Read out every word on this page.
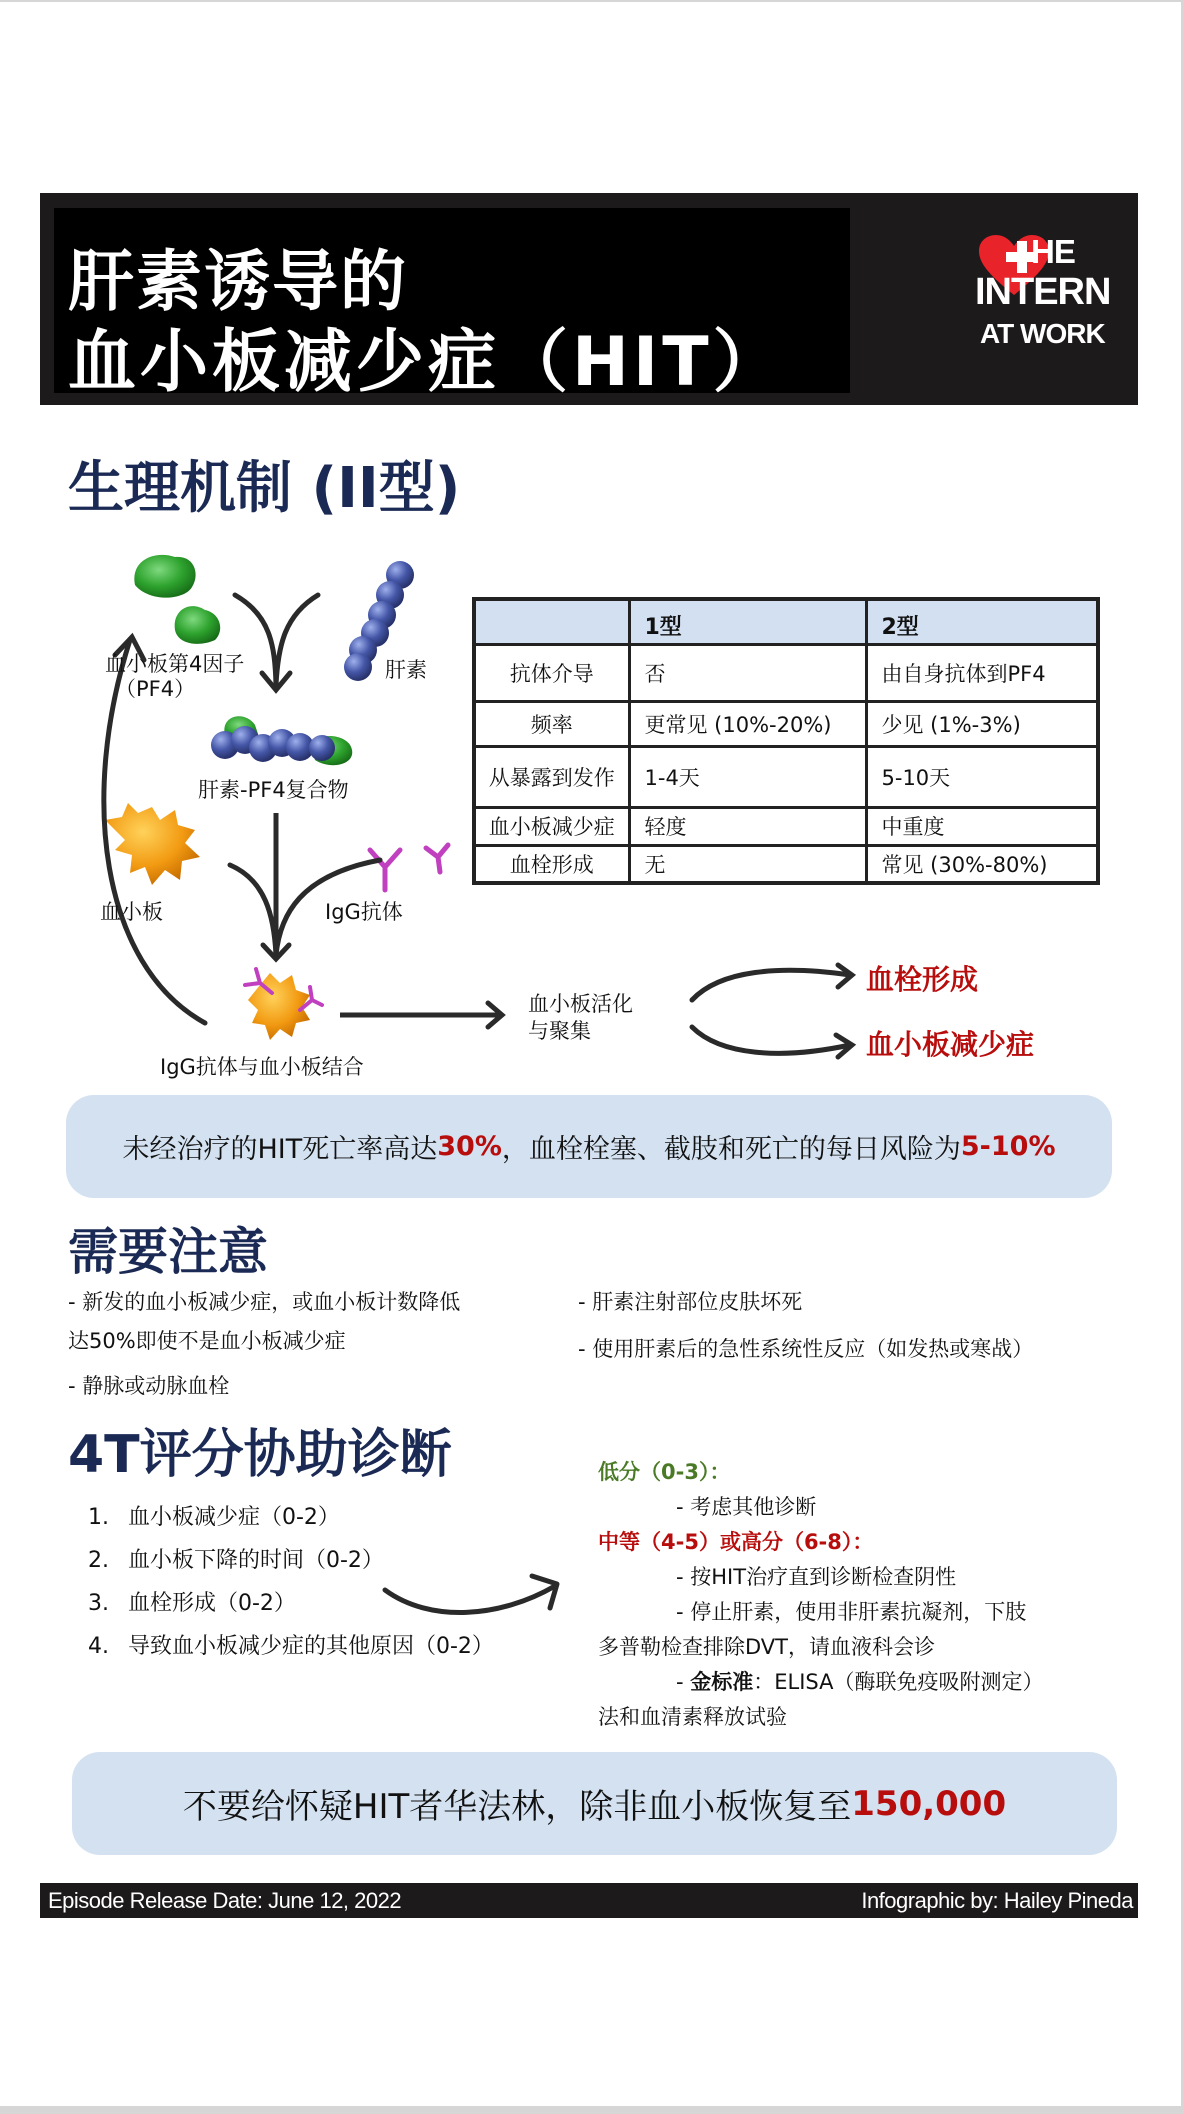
肝素诱导的
血小板减少症（HIT）
HE
INTERN
AT WORK
生理机制 (II型)
血小板第4因子
（PF4）
肝素
肝素-PF4复合物
血小板	IgG抗体
IgG抗体与血小板结合
血小板活化
与聚集
血栓形成
血小板减少症
	1型	2型
抗体介导	否	由自身抗体到PF4
频率	更常见 (10%-20%)	少见 (1%-3%)
从暴露到发作	1-4天	5-10天
血小板减少症	轻度	中重度
血栓形成	无	常见 (30%-80%)
未经治疗的HIT死亡率高达 30% ，血栓栓塞、截肢和死亡的每日风险为 5-10%
需要注意
- 新发的血小板减少症，或血小板计数降低
达50%即使不是血小板减少症
- 静脉或动脉血栓
- 肝素注射部位皮肤坏死
- 使用肝素后的急性系统性反应（如发热或寒战）
4T评分协助诊断
1. 血小板减少症（0-2）
2. 血小板下降的时间（0-2）
3. 血栓形成（0-2）
4. 导致血小板减少症的其他原因（0-2）
低分（0-3）：
- 考虑其他诊断
中等（4-5）或高分（6-8）：
- 按HIT治疗直到诊断检查阴性
- 停止肝素，使用非肝素抗凝剂，下肢
多普勒检查排除DVT，请血液科会诊
- 金标准：ELISA（酶联免疫吸附测定）
法和血清素释放试验
不要给怀疑HIT者华法林，除非血小板恢复至 150,000
Episode Release Date: June 12, 2022	Infographic by: Hailey Pineda
